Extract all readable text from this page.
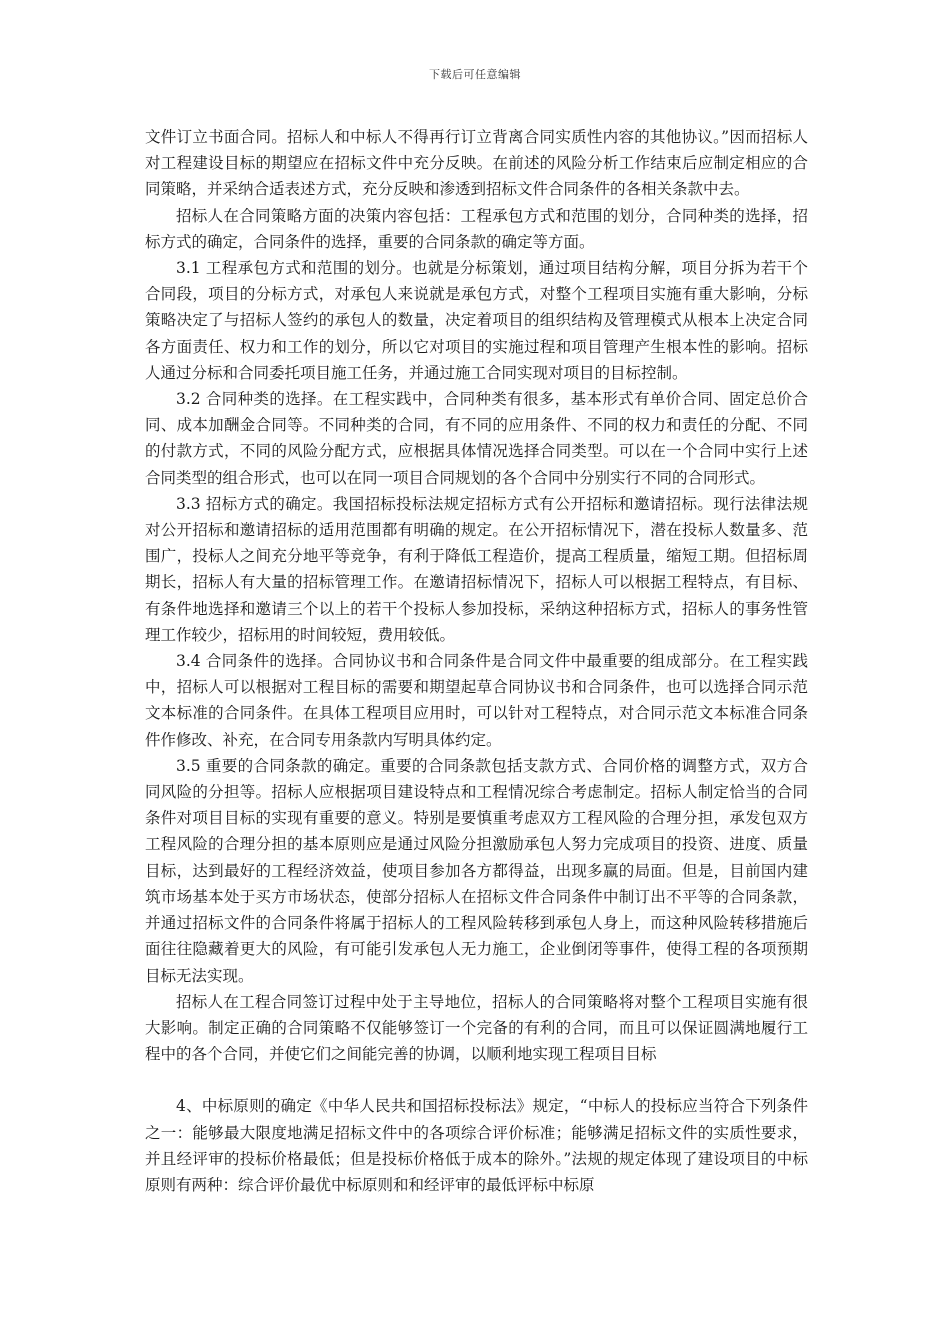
下载后可任意编辑

文件订立书面合同。招标人和中标人不得再行订立背离合同实质性内容的其他协议。”因而招标人对工程建设目标的期望应在招标文件中充分反映。在前述的风险分析工作结束后应制定相应的合同策略，并采纳合适表述方式，充分反映和渗透到招标文件合同条件的各相关条款中去。

招标人在合同策略方面的决策内容包括：工程承包方式和范围的划分，合同种类的选择，招标方式的确定，合同条件的选择，重要的合同条款的确定等方面。

3.1 工程承包方式和范围的划分。也就是分标策划，通过项目结构分解，项目分拆为若干个合同段，项目的分标方式，对承包人来说就是承包方式，对整个工程项目实施有重大影响，分标策略决定了与招标人签约的承包人的数量，决定着项目的组织结构及管理模式从根本上决定合同各方面责任、权力和工作的划分，所以它对项目的实施过程和项目管理产生根本性的影响。招标人通过分标和合同委托项目施工任务，并通过施工合同实现对项目的目标控制。

3.2 合同种类的选择。在工程实践中，合同种类有很多，基本形式有单价合同、固定总价合同、成本加酬金合同等。不同种类的合同，有不同的应用条件、不同的权力和责任的分配、不同的付款方式，不同的风险分配方式，应根据具体情况选择合同类型。可以在一个合同中实行上述合同类型的组合形式，也可以在同一项目合同规划的各个合同中分别实行不同的合同形式。

3.3 招标方式的确定。我国招标投标法规定招标方式有公开招标和邀请招标。现行法律法规对公开招标和邀请招标的适用范围都有明确的规定。在公开招标情况下，潜在投标人数量多、范围广，投标人之间充分地平等竞争，有利于降低工程造价，提高工程质量，缩短工期。但招标周期长，招标人有大量的招标管理工作。在邀请招标情况下，招标人可以根据工程特点，有目标、有条件地选择和邀请三个以上的若干个投标人参加投标，采纳这种招标方式，招标人的事务性管理工作较少，招标用的时间较短，费用较低。

3.4 合同条件的选择。合同协议书和合同条件是合同文件中最重要的组成部分。在工程实践中，招标人可以根据对工程目标的需要和期望起草合同协议书和合同条件，也可以选择合同示范文本标准的合同条件。在具体工程项目应用时，可以针对工程特点，对合同示范文本标准合同条件作修改、补充，在合同专用条款内写明具体约定。

3.5 重要的合同条款的确定。重要的合同条款包括支款方式、合同价格的调整方式，双方合同风险的分担等。招标人应根据项目建设特点和工程情况综合考虑制定。招标人制定恰当的合同条件对项目目标的实现有重要的意义。特别是要慎重考虑双方工程风险的合理分担，承发包双方工程风险的合理分担的基本原则应是通过风险分担激励承包人努力完成项目的投资、进度、质量目标，达到最好的工程经济效益，使项目参加各方都得益，出现多赢的局面。但是，目前国内建筑市场基本处于买方市场状态，使部分招标人在招标文件合同条件中制订出不平等的合同条款，并通过招标文件的合同条件将属于招标人的工程风险转移到承包人身上，而这种风险转移措施后面往往隐藏着更大的风险，有可能引发承包人无力施工，企业倒闭等事件，使得工程的各项预期目标无法实现。

招标人在工程合同签订过程中处于主导地位，招标人的合同策略将对整个工程项目实施有很大影响。制定正确的合同策略不仅能够签订一个完备的有利的合同，而且可以保证圆满地履行工程中的各个合同，并使它们之间能完善的协调，以顺利地实现工程项目目标

4、中标原则的确定《中华人民共和国招标投标法》规定，“中标人的投标应当符合下列条件之一：能够最大限度地满足招标文件中的各项综合评价标准；能够满足招标文件的实质性要求，并且经评审的投标价格最低；但是投标价格低于成本的除外。”法规的规定体现了建设项目的中标原则有两种：综合评价最优中标原则和和经评审的最低评标中标原
